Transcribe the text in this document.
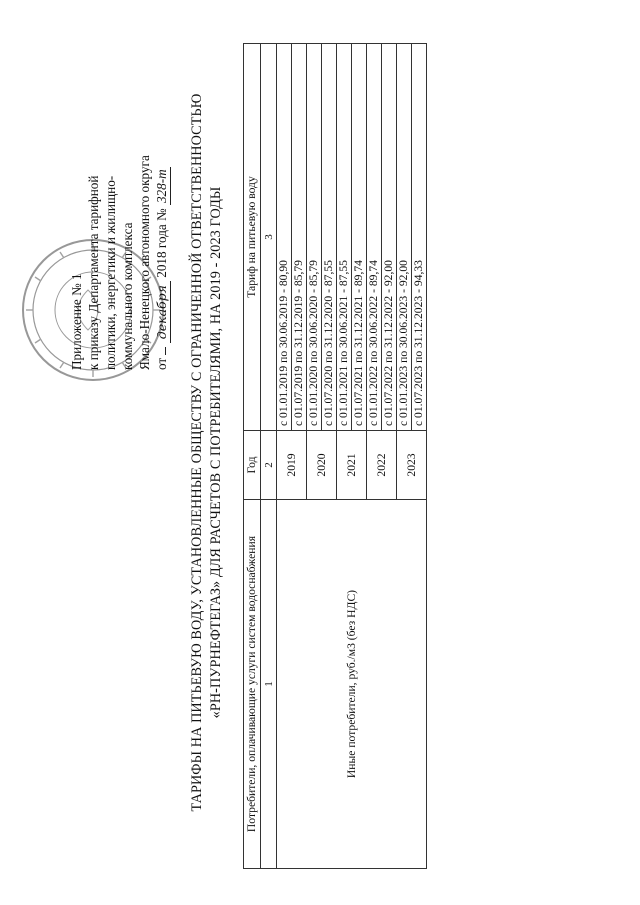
Приложение № 1 к приказу Департамента тарифной политики, энергетики и жилищно- коммунального комплекса Ямало-Ненецкого автономного округа от  декабря 2018 года № 328-т ТАРИФЫ НА ПИТЬЕВУЮ ВОДУ, УСТАНОВЛЕННЫЕ ОБЩЕСТВУ С ОГРАНИЧЕННОЙ ОТВЕТСТВЕННОСТЬЮ «РН-ПУРНЕФТЕГАЗ» ДЛЯ РАСЧЕТОВ С ПОТРЕБИТЕЛЯМИ, НА 2019 - 2023 ГОДЫ Потребители, оплачивающие услуги систем водоснабжения	Год	Тариф на питьевую воду
1	2	3
Иные потребители, руб./м3 (без НДС)	2019	с 01.01.2019 по 30.06.2019 - 80,90 с 01.07.2019 по 31.12.2019 - 85,79

	2020	с 01.01.2020 по 30.06.2020 - 85,79 с 01.07.2020 по 31.12.2020 - 87,55

	2021	с 01.01.2021 по 30.06.2021 - 87,55 с 01.07.2021 по 31.12.2021 - 89,74

	2022	с 01.01.2022 по 30.06.2022 - 89,74 с 01.07.2022 по 31.12.2022 - 92,00

	2023	с 01.01.2023 по 30.06.2023 - 92,00 с 01.07.2023 по 31.12.2023 - 94,33
